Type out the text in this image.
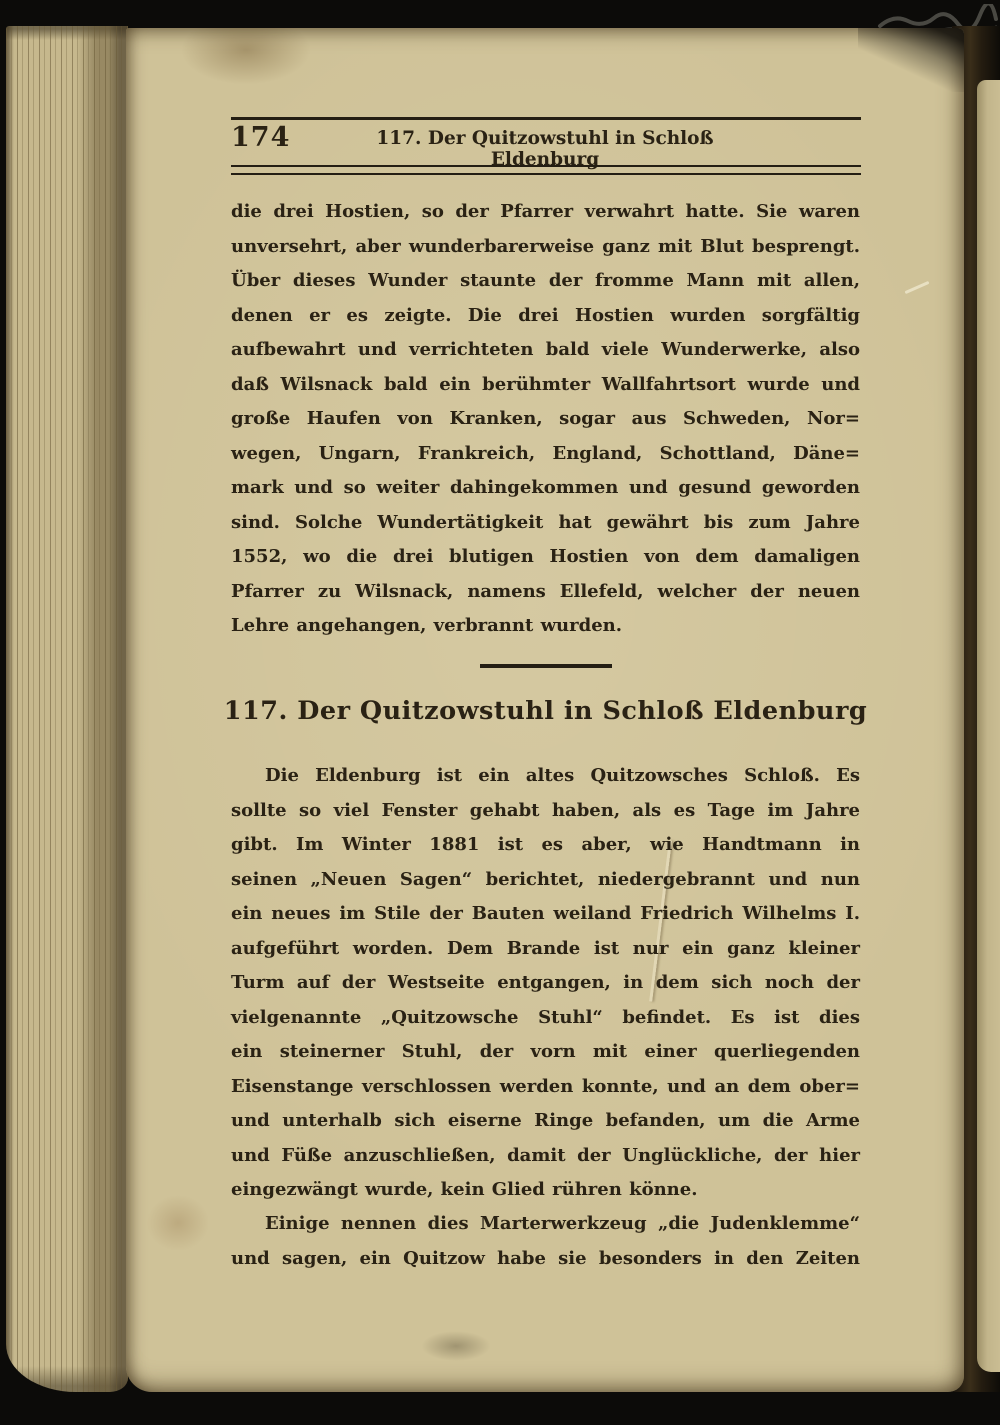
174	117. Der Quitzowstuhl in Schloß Eldenburg
die drei Hostien, so der Pfarrer verwahrt hatte. Sie waren
unversehrt, aber wunderbarerweise ganz mit Blut besprengt.
Über dieses Wunder staunte der fromme Mann mit allen,
denen er es zeigte. Die drei Hostien wurden sorgfältig
aufbewahrt und verrichteten bald viele Wunderwerke, also
daß Wilsnack bald ein berühmter Wallfahrtsort wurde und
große Haufen von Kranken, sogar aus Schweden, Nor=
wegen, Ungarn, Frankreich, England, Schottland, Däne=
mark und so weiter dahingekommen und gesund geworden
sind. Solche Wundertätigkeit hat gewährt bis zum Jahre
1552, wo die drei blutigen Hostien von dem damaligen
Pfarrer zu Wilsnack, namens Ellefeld, welcher der neuen
Lehre angehangen, verbrannt wurden.
117. Der Quitzowstuhl in Schloß Eldenburg
Die Eldenburg ist ein altes Quitzowsches Schloß. Es
sollte so viel Fenster gehabt haben, als es Tage im Jahre
gibt. Im Winter 1881 ist es aber, wie Handtmann in
seinen „Neuen Sagen“ berichtet, niedergebrannt und nun
ein neues im Stile der Bauten weiland Friedrich Wilhelms I.
aufgeführt worden. Dem Brande ist nur ein ganz kleiner
Turm auf der Westseite entgangen, in dem sich noch der
vielgenannte „Quitzowsche Stuhl“ befindet. Es ist dies
ein steinerner Stuhl, der vorn mit einer querliegenden
Eisenstange verschlossen werden konnte, und an dem ober=
und unterhalb sich eiserne Ringe befanden, um die Arme
und Füße anzuschließen, damit der Unglückliche, der hier
eingezwängt wurde, kein Glied rühren könne.
Einige nennen dies Marterwerkzeug „die Judenklemme“
und sagen, ein Quitzow habe sie besonders in den Zeiten
